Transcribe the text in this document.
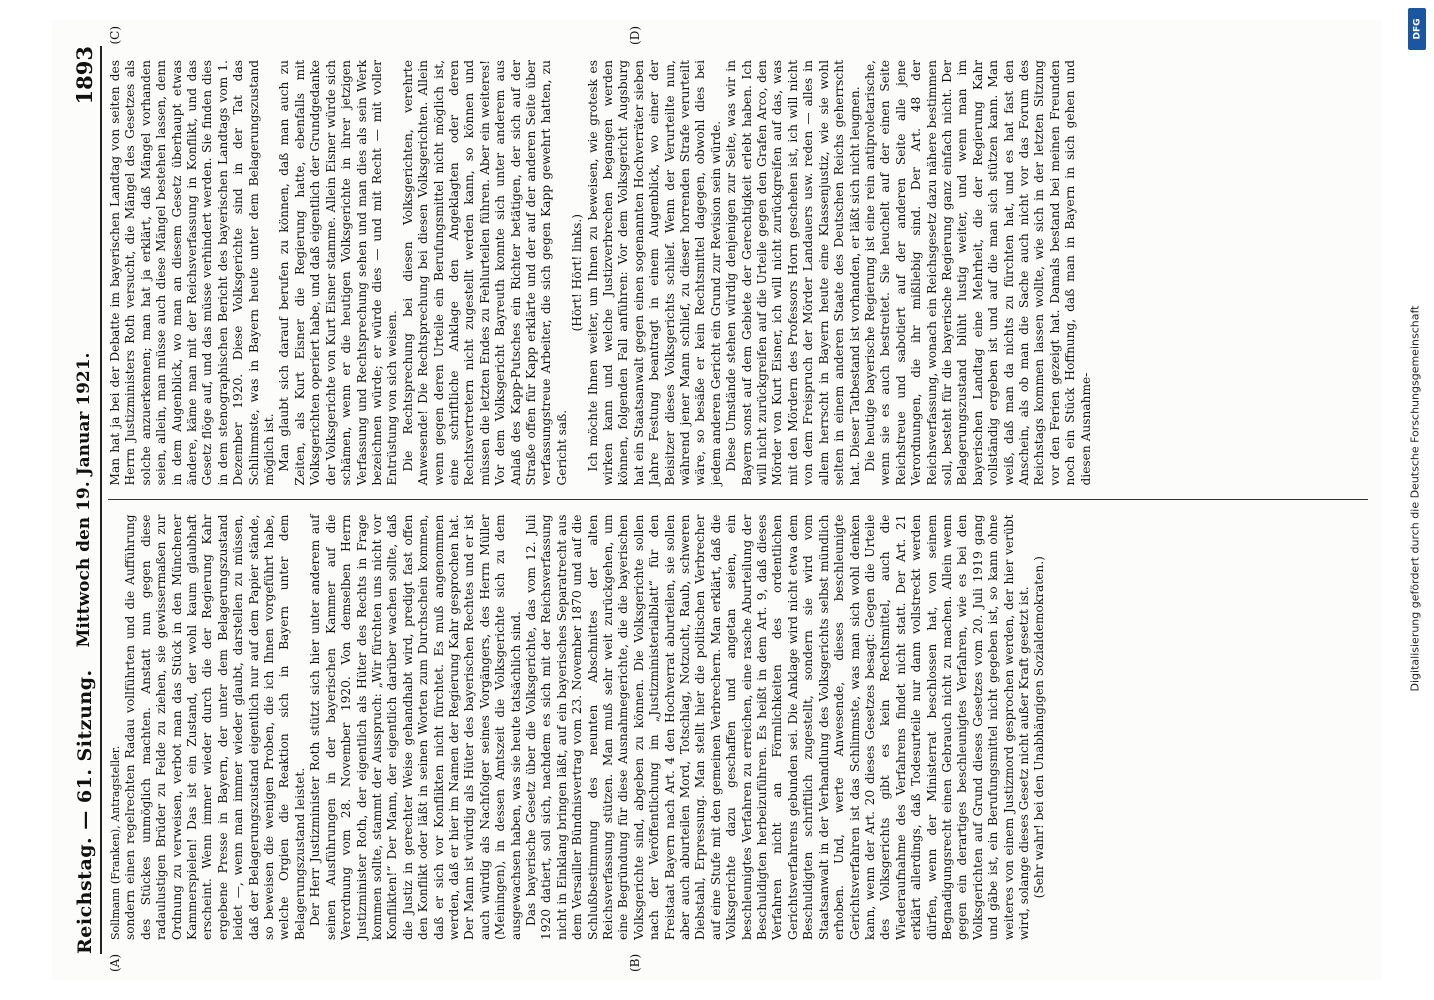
Reichstag. — 61. Sitzung.
Mittwoch den 19. Januar 1921.
1893
(A)	(B)

Sollmann (Franken), Antragsteller. sondern einen regelrechten Radau vollführten und die Aufführung des Stückes unmöglich machten. Anstatt nun gegen diese radaulustigen Brüder zu Felde zu ziehen, sie gewissermaßen zur Ordnung zu verweisen, verbot man das Stück in den Münchener Kammerspielen! Das ist ein Zustand, der wohl kaum glaubhaft erscheint. Wenn immer wieder durch die der Regierung Kahr ergebene Presse in Bayern, der unter dem Belagerungszustand leidet —, wenn man immer wieder glaubt, darstellen zu müssen, daß der Belagerungszustand eigentlich nur auf dem Papier stände, so beweisen die wenigen Proben, die ich Ihnen vorgeführt habe, welche Orgien die Reaktion sich in Bayern unter dem Belagerungszustand leistet. Der Herr Justizminister Roth stützt sich hier unter anderem auf seinen Ausführungen in der bayerischen Kammer auf die Verordnung vom 28. November 1920. Von demselben Herrn Justizminister Roth, der eigentlich als Hüter des Rechts in Frage kommen sollte, stammt der Ausspruch: „Wir fürchten uns nicht vor Konflikten!“ Der Mann, der eigentlich darüber wachen sollte, daß die Justiz in gerechter Weise gehandhabt wird, predigt fast offen den Konflikt oder läßt in seinen Worten zum Durchschein kommen, daß er sich vor Konflikten nicht fürchtet. Es muß angenommen werden, daß er hier im Namen der Regierung Kahr gesprochen hat. Der Mann ist würdig als Hüter des bayerischen Rechtes und er ist auch würdig als Nachfolger seines Vorgängers, des Herrn Müller (Meiningen), in dessen Amtszeit die Volksgerichte sich zu dem ausgewachsen haben, was sie heute tatsächlich sind. Das bayerische Gesetz über die Volksgerichte, das vom 12. Juli 1920 datiert, soll sich, nachdem es sich mit der Reichsverfassung nicht in Einklang bringen läßt, auf ein bayerisches Separatrecht aus dem Versailler Bündnisvertrag vom 23. November 1870 und auf die Schlußbestimmung des neunten Abschnittes der alten Reichsverfassung stützen. Man muß sehr weit zurückgehen, um eine Begründung für diese Ausnahmegerichte, die die bayerischen Volksgerichte sind, abgeben zu können. Die Volksgerichte sollen nach der Veröffentlichung im „Justizministerialblatt“ für den Freistaat Bayern nach Art. 4 den Hochverrat aburteilen, sie sollen aber auch aburteilen Mord, Totschlag, Notzucht, Raub, schweren Diebstahl, Erpressung. Man stellt hier die politischen Verbrecher auf eine Stufe mit den gemeinen Verbrechern. Man erklärt, daß die Volksgerichte dazu geschaffen und angetan seien, ein beschleunigtes Verfahren zu erreichen, eine rasche Aburteilung der Beschuldigten herbeizuführen. Es heißt in dem Art. 9, daß dieses Verfahren nicht an Förmlichkeiten des ordentlichen Gerichtsverfahrens gebunden sei. Die Anklage wird nicht etwa dem Beschuldigten schriftlich zugestellt, sondern sie wird vom Staatsanwalt in der Verhandlung des Volksgerichts selbst mündlich erhoben. Und, werte Anwesende, dieses beschleunigte Gerichtsverfahren ist das Schlimmste, was man sich wohl denken kann, wenn der Art. 20 dieses Gesetzes besagt: Gegen die Urteile des Volksgerichts gibt es kein Rechtsmittel, auch die Wiederaufnahme des Verfahrens findet nicht statt. Der Art. 21 erklärt allerdings, daß Todesurteile nur dann vollstreckt werden dürfen, wenn der Ministerrat beschlossen hat, von seinem Begnadigungsrecht einen Gebrauch nicht zu machen. Allein wenn gegen ein derartiges beschleunigtes Verfahren, wie es bei den Volksgerichten auf Grund dieses Gesetzes vom 20. Juli 1919 gang und gäbe ist, ein Berufungsmittel nicht gegeben ist, so kann ohne weiteres von einem Justizmord gesprochen werden, der hier verübt wird, solange dieses Gesetz nicht außer Kraft gesetzt ist. (Sehr wahr! bei den Unabhängigen Sozialdemokraten.)

(C)	(D)

Man hat ja bei der Debatte im bayerischen Landtag von seiten des Herrn Justizministers Roth versucht, die Mängel des Gesetzes als solche anzuerkennen; man hat ja erklärt, daß Mängel vorhanden seien, allein, man müsse auch diese Mängel bestehen lassen, denn in dem Augenblick, wo man an diesem Gesetz überhaupt etwas ändere, käme man mit der Reichsverfassung in Konflikt, und das Gesetz flöge auf, und das müsse verhindert werden. Sie finden dies in dem stenographischen Bericht des bayerischen Landtags vom 1. Dezember 1920. Diese Volksgerichte sind in der Tat das Schlimmste, was in Bayern heute unter dem Belagerungszustand möglich ist. Man glaubt sich darauf berufen zu können, daß man auch zu Zeiten, als Kurt Eisner die Regierung hatte, ebenfalls mit Volksgerichten operiert habe, und daß eigentlich der Grundgedanke der Volksgerichte von Kurt Eisner stamme. Allein Eisner würde sich schämen, wenn er die heutigen Volksgerichte in ihrer jetzigen Verfassung und Rechtsprechung sehen und man dies als sein Werk bezeichnen würde; er würde dies — und mit Recht — mit voller Entrüstung von sich weisen. Die Rechtsprechung bei diesen Volksgerichten, verehrte Anwesende! Die Rechtsprechung bei diesen Volksgerichten. Allein wenn gegen deren Urteile ein Berufungsmittel nicht möglich ist, eine schriftliche Anklage den Angeklagten oder deren Rechtsvertretern nicht zugestellt werden kann, so können und müssen die letzten Endes zu Fehlurteilen führen. Aber ein weiteres! Vor dem Volksgericht Bayreuth konnte sich unter anderem aus Anlaß des Kapp-Putsches ein Richter betätigen, der sich auf der Straße offen für Kapp erklärte und der auf der anderen Seite über verfassungstreue Arbeiter, die sich gegen Kapp gewehrt hatten, zu Gericht saß.

(Hört! Hört! links.) Ich möchte Ihnen weiter, um Ihnen zu beweisen, wie grotesk es wirken kann und welche Justizverbrechen begangen werden können, folgenden Fall anführen: Vor dem Volksgericht Augsburg hat ein Staatsanwalt gegen einen sogenannten Hochverräter sieben Jahre Festung beantragt in einem Augenblick, wo einer der Beisitzer dieses Volksgerichts schlief. Wenn der Verurteilte nun, während jener Mann schlief, zu dieser horrenden Strafe verurteilt wäre, so besäße er kein Rechtsmittel dagegen, obwohl dies bei jedem anderen Gericht ein Grund zur Revision sein würde. Diese Umstände stehen würdig denjenigen zur Seite, was wir in Bayern sonst auf dem Gebiete der Gerechtigkeit erlebt haben. Ich will nicht zurückgreifen auf die Urteile gegen den Grafen Arco, den Mörder von Kurt Eisner, ich will nicht zurückgreifen auf das, was mit den Mördern des Professors Horn geschehen ist, ich will nicht von dem Freispruch der Mörder Landauers usw. reden — alles in allem herrscht in Bayern heute eine Klassenjustiz, wie sie wohl selten in einem anderen Staate des Deutschen Reichs geherrscht hat. Dieser Tatbestand ist vorhanden, er läßt sich nicht leugnen. Die heutige bayerische Regierung ist eine rein antiproletarische, wenn sie es auch bestreitet. Sie heuchelt auf der einen Seite Reichstreue und sabotiert auf der anderen Seite alle jene Verordnungen, die ihr mißliebig sind. Der Art. 48 der Reichsverfassung, wonach ein Reichsgesetz dazu nähere bestimmen soll, besteht für die bayerische Regierung ganz einfach nicht. Der Belagerungszustand blüht lustig weiter, und wenn man im bayerischen Landtag eine Mehrheit, die der Regierung Kahr vollständig ergeben ist und auf die man sich stützen kann. Man weiß, daß man da nichts zu fürchten hat, und es hat fast den Anschein, als ob man die Sache auch nicht vor das Forum des Reichstags kommen lassen wollte, wie sich in der letzten Sitzung vor den Ferien gezeigt hat. Damals bestand bei meinen Freunden noch ein Stück Hoffnung, daß man in Bayern in sich gehen und diesen Ausnahme-	Digitalisierung gefördert durch die Deutsche Forschungsgemeinschaft
DFG
